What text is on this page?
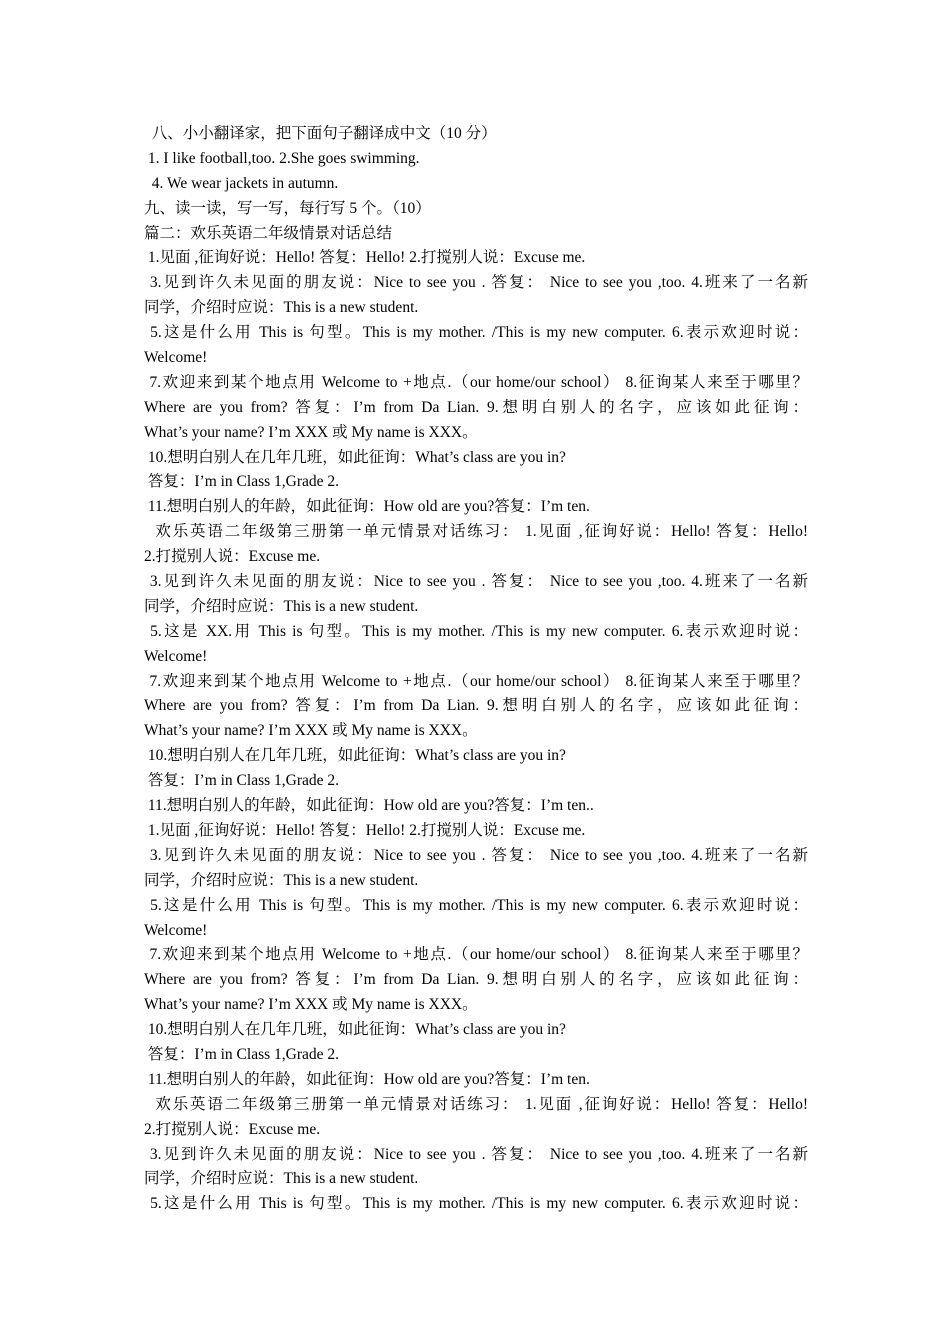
八、小小翻译家，把下面句子翻译成中文（10 分）
1. I like football,too. 2.She goes swimming.
4. We wear jackets in autumn.
九、读一读，写一写，每行写 5 个。（10）
篇二：欢乐英语二年级情景对话总结
1.见面 ,征询好说：Hello! 答复：Hello! 2.打搅别人说：Excuse me.
3.见到许久未见面的朋友说：Nice to see you . 答复： Nice to see you ,too. 4.班来了一名新
同学，介绍时应说：This is a new student.
5.这是什么用 This is 句型。This is my mother. /This is my new computer. 6.表示欢迎时说：
Welcome!
7.欢迎来到某个地点用 Welcome to +地点.（our home/our school） 8.征询某人来至于哪里？
Where are you from? 答复：I’m from Da Lian. 9.想明白别人的名字，应该如此征询：
What’s your name? I’m XXX 或 My name is XXX。
10.想明白别人在几年几班，如此征询：What’s class are you in?
答复：I’m in Class 1,Grade 2.
11.想明白别人的年龄，如此征询：How old are you?答复：I’m ten.
欢乐英语二年级第三册第一单元情景对话练习： 1.见面 ,征询好说：Hello! 答复：Hello!
2.打搅别人说：Excuse me.
3.见到许久未见面的朋友说：Nice to see you . 答复： Nice to see you ,too. 4.班来了一名新
同学，介绍时应说：This is a new student.
5.这是 XX.用 This is 句型。This is my mother. /This is my new computer. 6.表示欢迎时说：
Welcome!
7.欢迎来到某个地点用 Welcome to +地点.（our home/our school） 8.征询某人来至于哪里？
Where are you from? 答复：I’m from Da Lian. 9.想明白别人的名字，应该如此征询：
What’s your name? I’m XXX 或 My name is XXX。
10.想明白别人在几年几班，如此征询：What’s class are you in?
答复：I’m in Class 1,Grade 2.
11.想明白别人的年龄，如此征询：How old are you?答复：I’m ten..
1.见面 ,征询好说：Hello! 答复：Hello! 2.打搅别人说：Excuse me.
3.见到许久未见面的朋友说：Nice to see you . 答复： Nice to see you ,too. 4.班来了一名新
同学，介绍时应说：This is a new student.
5.这是什么用 This is 句型。This is my mother. /This is my new computer. 6.表示欢迎时说：
Welcome!
7.欢迎来到某个地点用 Welcome to +地点.（our home/our school） 8.征询某人来至于哪里？
Where are you from? 答复：I’m from Da Lian. 9.想明白别人的名字，应该如此征询：
What’s your name? I’m XXX 或 My name is XXX。
10.想明白别人在几年几班，如此征询：What’s class are you in?
答复：I’m in Class 1,Grade 2.
11.想明白别人的年龄，如此征询：How old are you?答复：I’m ten.
欢乐英语二年级第三册第一单元情景对话练习： 1.见面 ,征询好说：Hello! 答复：Hello!
2.打搅别人说：Excuse me.
3.见到许久未见面的朋友说：Nice to see you . 答复： Nice to see you ,too. 4.班来了一名新
同学，介绍时应说：This is a new student.
5.这是什么用 This is 句型。This is my mother. /This is my new computer. 6.表示欢迎时说：
